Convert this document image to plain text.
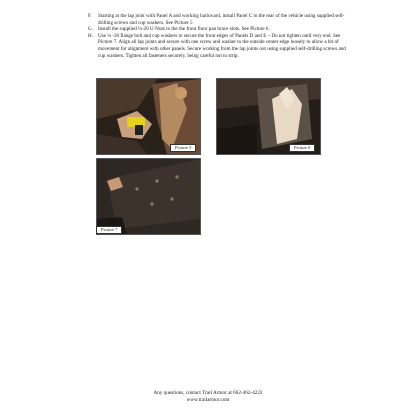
F.	Starting at the lap joint with Panel A and working backward, install Panel C to the rear of the vehicle using supplied self-drilling screws and cup washers. See Picture 5
G. Install the supplied ¼-20 U-Nuts to the the front floor pan brace slots. See Picture 6.
H. Use ¼ -20 flange bolt and cup washers to secure the front edges of Panels D and E – Do not tighten until very end. See Picture 7. Align all lap joints and secure with one screw and washer to the outside center edge loosely to allow a bit of movement for alignment with other panels. Secure working from the lap joints out using supplied self-drilling screws and cup washers. Tighten all fasteners securely, being careful not to strip.
Picture 5	Picture 6
Picture 7
Any questions, contact Trail Armor at 662-462-4222
www.trailarmor.com
